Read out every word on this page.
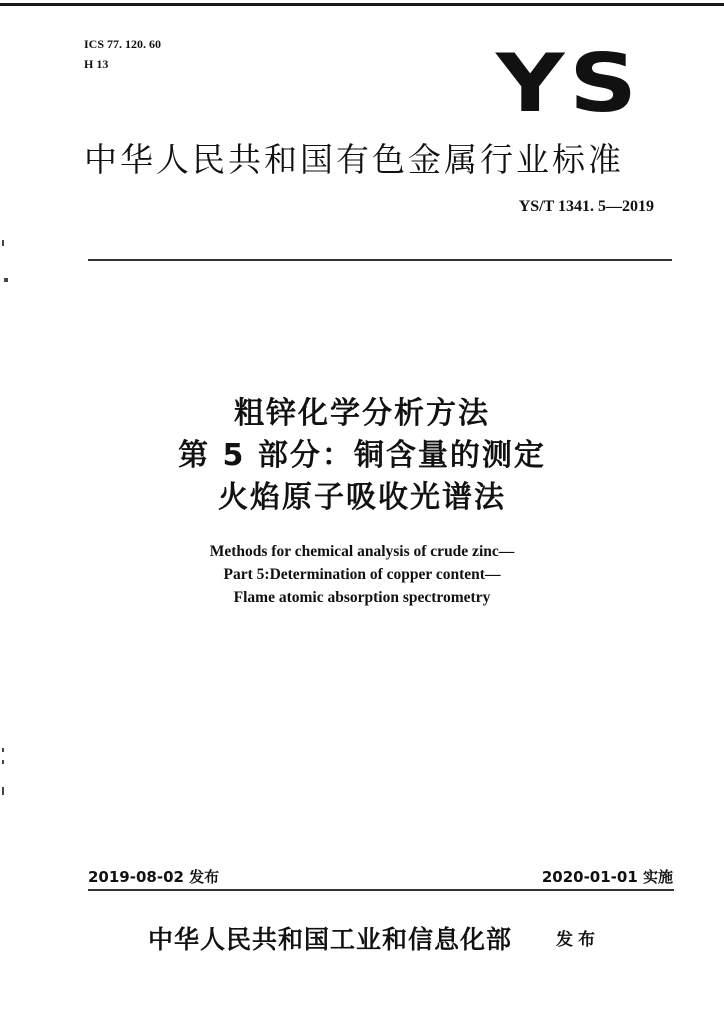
ICS 77. 120. 60
H 13	YS
中华人民共和国有色金属行业标准
YS/T 1341. 5—2019
粗锌化学分析方法
第 5 部分：铜含量的测定
火焰原子吸收光谱法
Methods for chemical analysis of crude zinc—
Part 5:Determination of copper content—
Flame atomic absorption spectrometry
2019-08-02 发布	2020-01-01 实施
中华人民共和国工业和信息化部	发布
